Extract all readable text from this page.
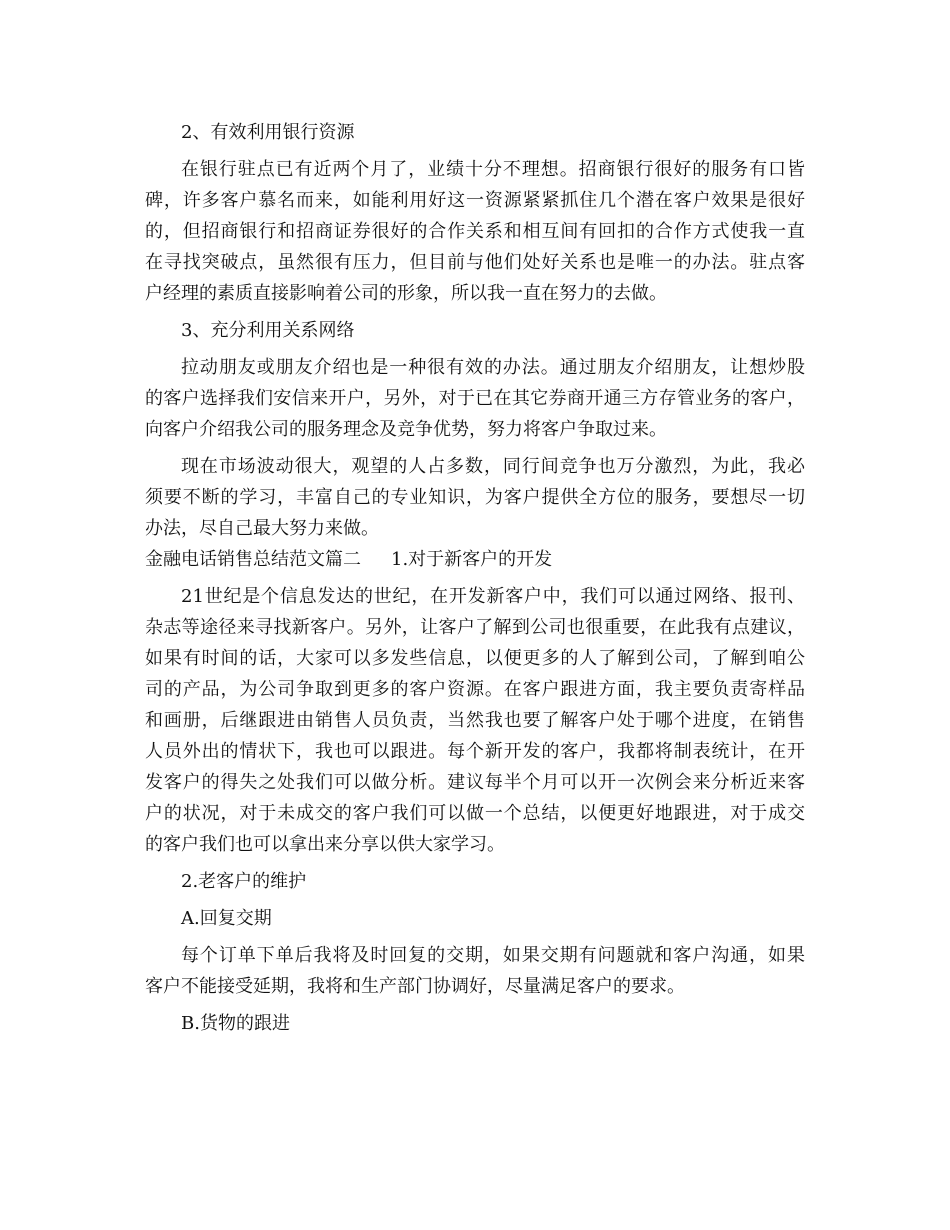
2、有效利用银行资源
在银行驻点已有近两个月了，业绩十分不理想。招商银行很好的服务有口皆
碑，许多客户慕名而来，如能利用好这一资源紧紧抓住几个潜在客户效果是很好
的，但招商银行和招商证券很好的合作关系和相互间有回扣的合作方式使我一直
在寻找突破点，虽然很有压力，但目前与他们处好关系也是唯一的办法。驻点客
户经理的素质直接影响着公司的形象，所以我一直在努力的去做。
3、充分利用关系网络
拉动朋友或朋友介绍也是一种很有效的办法。通过朋友介绍朋友，让想炒股
的客户选择我们安信来开户，另外，对于已在其它券商开通三方存管业务的客户，
向客户介绍我公司的服务理念及竞争优势，努力将客户争取过来。
现在市场波动很大，观望的人占多数，同行间竞争也万分激烈，为此，我必
须要不断的学习，丰富自己的专业知识，为客户提供全方位的服务，要想尽一切
办法，尽自己最大努力来做。
金融电话销售总结范文篇二 1.对于新客户的开发
21世纪是个信息发达的世纪，在开发新客户中，我们可以通过网络、报刊、
杂志等途径来寻找新客户。另外，让客户了解到公司也很重要，在此我有点建议，
如果有时间的话，大家可以多发些信息，以便更多的人了解到公司，了解到咱公
司的产品，为公司争取到更多的客户资源。在客户跟进方面，我主要负责寄样品
和画册，后继跟进由销售人员负责，当然我也要了解客户处于哪个进度，在销售
人员外出的情状下，我也可以跟进。每个新开发的客户，我都将制表统计，在开
发客户的得失之处我们可以做分析。建议每半个月可以开一次例会来分析近来客
户的状况，对于未成交的客户我们可以做一个总结，以便更好地跟进，对于成交
的客户我们也可以拿出来分享以供大家学习。
2.老客户的维护
A.回复交期
每个订单下单后我将及时回复的交期，如果交期有问题就和客户沟通，如果
客户不能接受延期，我将和生产部门协调好，尽量满足客户的要求。
B.货物的跟进
